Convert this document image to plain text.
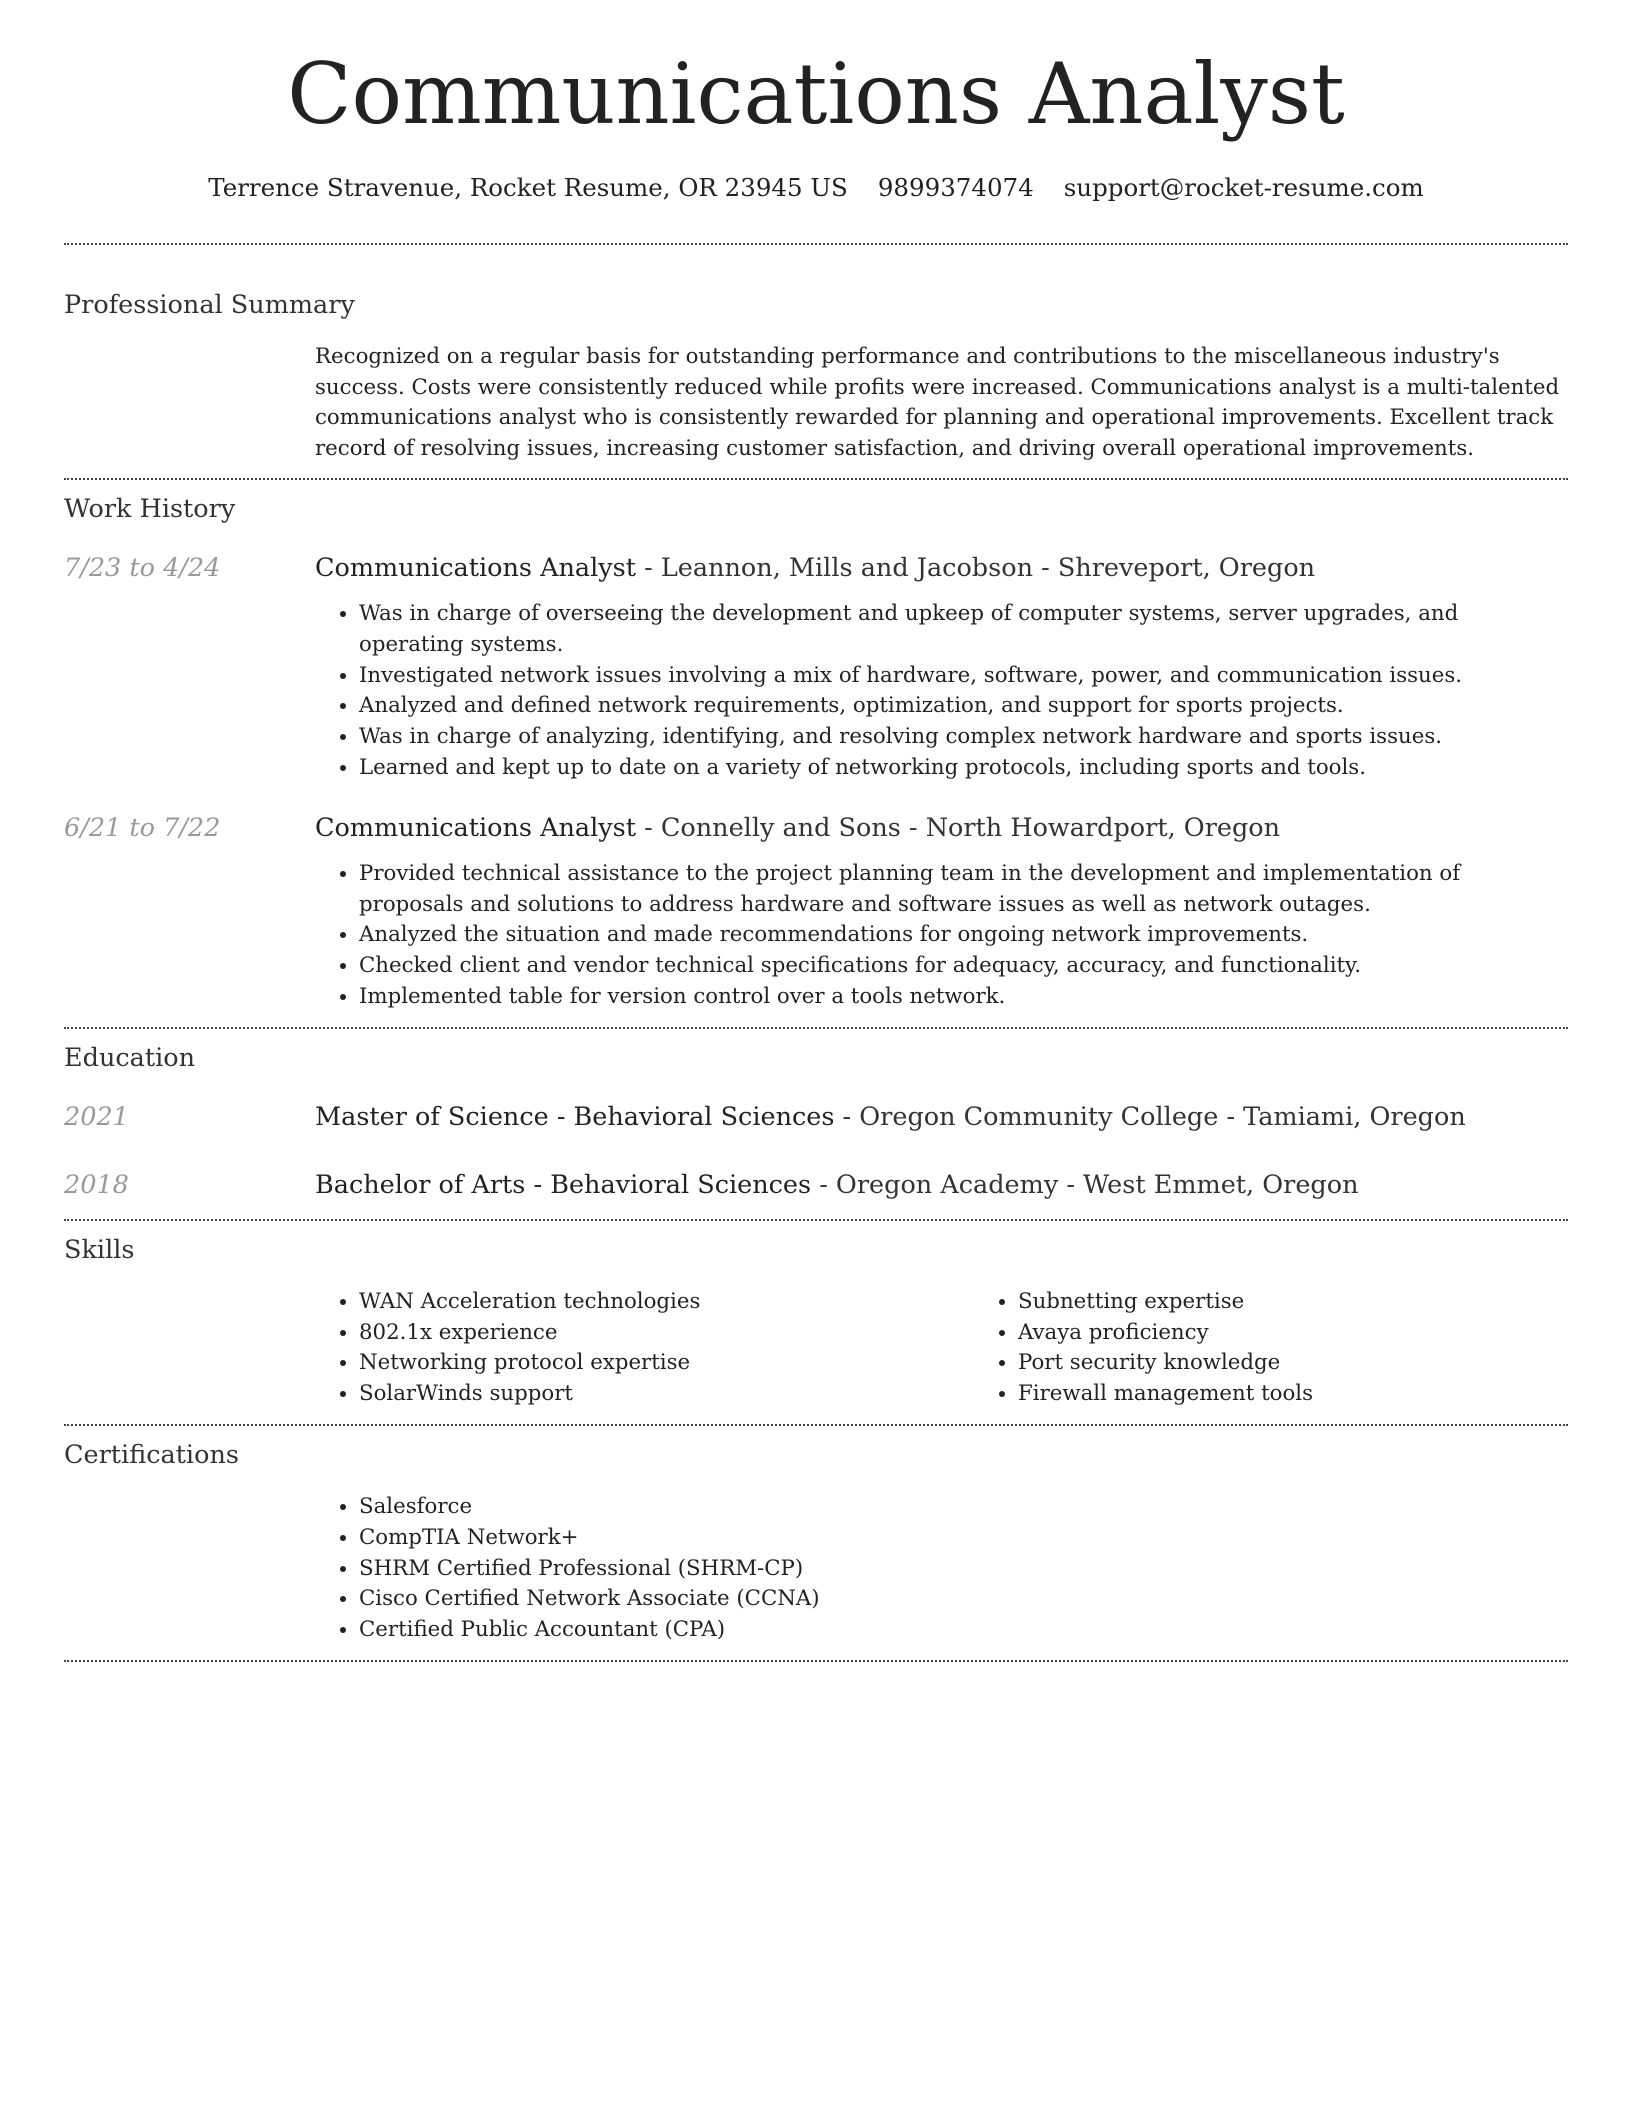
Communications Analyst
Terrence Stravenue, Rocket Resume, OR 23945 US 9899374074 support@rocket-resume.com
Professional Summary
Recognized on a regular basis for outstanding performance and contributions to the miscellaneous industry's success. Costs were consistently reduced while profits were increased. Communications analyst is a multi-talented communications analyst who is consistently rewarded for planning and operational improvements. Excellent track record of resolving issues, increasing customer satisfaction, and driving overall operational improvements.
Work History
7/23 to 4/24	Communications Analyst - Leannon, Mills and Jacobson - Shreveport, Oregon
• Was in charge of overseeing the development and upkeep of computer systems, server upgrades, and operating systems.
• Investigated network issues involving a mix of hardware, software, power, and communication issues.
• Analyzed and defined network requirements, optimization, and support for sports projects.
• Was in charge of analyzing, identifying, and resolving complex network hardware and sports issues.
• Learned and kept up to date on a variety of networking protocols, including sports and tools.
6/21 to 7/22	Communications Analyst - Connelly and Sons - North Howardport, Oregon
• Provided technical assistance to the project planning team in the development and implementation of proposals and solutions to address hardware and software issues as well as network outages.
• Analyzed the situation and made recommendations for ongoing network improvements.
• Checked client and vendor technical specifications for adequacy, accuracy, and functionality.
• Implemented table for version control over a tools network.
Education
2021	Master of Science - Behavioral Sciences - Oregon Community College - Tamiami, Oregon
2018	Bachelor of Arts - Behavioral Sciences - Oregon Academy - West Emmet, Oregon
Skills
• WAN Acceleration technologies
• 802.1x experience
• Networking protocol expertise
• SolarWinds support
• Subnetting expertise
• Avaya proficiency
• Port security knowledge
• Firewall management tools
Certifications
• Salesforce
• CompTIA Network+
• SHRM Certified Professional (SHRM-CP)
• Cisco Certified Network Associate (CCNA)
• Certified Public Accountant (CPA)
